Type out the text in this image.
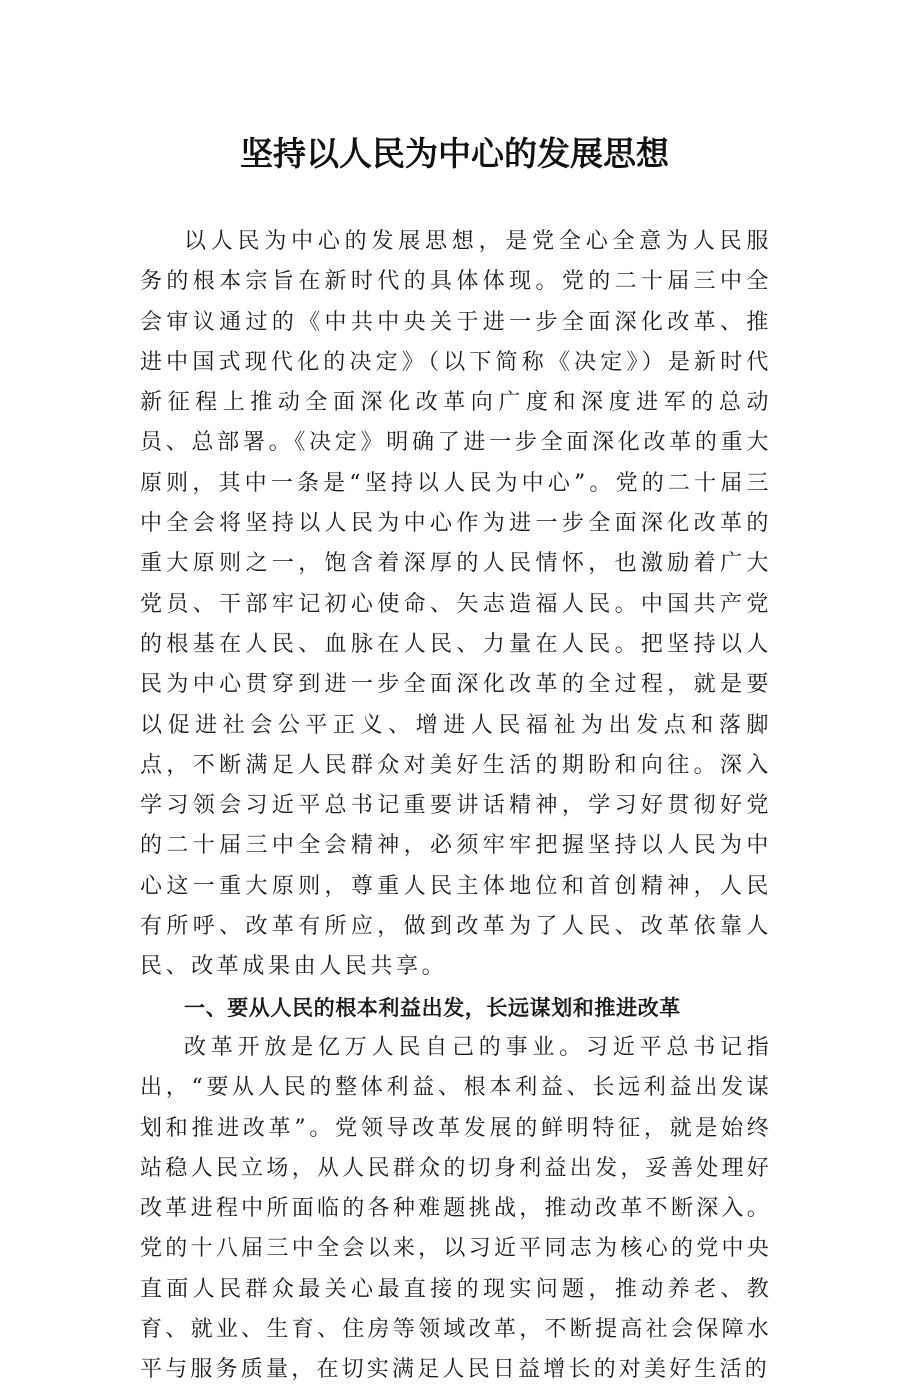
坚持以人民为中心的发展思想

以人民为中心的发展思想，是党全心全意为人民服务的根本宗旨在新时代的具体体现。党的二十届三中全会审议通过的《中共中央关于进一步全面深化改革、推进中国式现代化的决定》（以下简称《决定》）是新时代新征程上推动全面深化改革向广度和深度进军的总动员、总部署。《决定》明确了进一步全面深化改革的重大原则，其中一条是“坚持以人民为中心”。党的二十届三中全会将坚持以人民为中心作为进一步全面深化改革的重大原则之一，饱含着深厚的人民情怀，也激励着广大党员、干部牢记初心使命、矢志造福人民。中国共产党的根基在人民、血脉在人民、力量在人民。把坚持以人民为中心贯穿到进一步全面深化改革的全过程，就是要以促进社会公平正义、增进人民福祉为出发点和落脚点，不断满足人民群众对美好生活的期盼和向往。深入学习领会习近平总书记重要讲话精神，学习好贯彻好党的二十届三中全会精神，必须牢牢把握坚持以人民为中心这一重大原则，尊重人民主体地位和首创精神，人民有所呼、改革有所应，做到改革为了人民、改革依靠人民、改革成果由人民共享。

一、要从人民的根本利益出发，长远谋划和推进改革

改革开放是亿万人民自己的事业。习近平总书记指出，“要从人民的整体利益、根本利益、长远利益出发谋划和推进改革”。党领导改革发展的鲜明特征，就是始终站稳人民立场，从人民群众的切身利益出发，妥善处理好改革进程中所面临的各种难题挑战，推动改革不断深入。党的十八届三中全会以来，以习近平同志为核心的党中央直面人民群众最关心最直接的现实问题，推动养老、教育、就业、生育、住房等领域改革，不断提高社会保障水平与服务质量，在切实满足人民日益增长的对美好生活的
